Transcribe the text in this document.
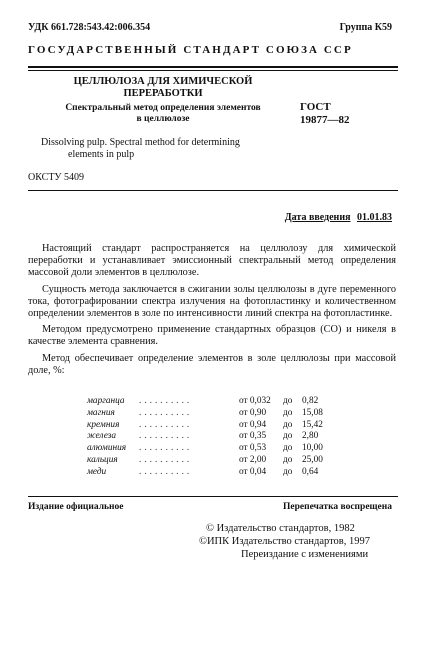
УДК 661.728:543.42:006.354	Группа К59
ГОСУДАРСТВЕННЫЙ СТАНДАРТ СОЮЗА ССР
ЦЕЛЛЮЛОЗА ДЛЯ ХИМИЧЕСКОЙ
ПЕРЕРАБОТКИ
Спектральный метод определения элементов
в целлюлозе
ГОСТ
19877—82
Dissolving pulp. Spectral method for determining
elements in pulp
ОКСТУ 5409
Дата введения 01.01.83

Настоящий стандарт распространяется на целлюлозу для химической переработки и устанавливает эмиссионный спектральный метод определения массовой доли элементов в целлюлозе.

Сущность метода заключается в сжигании золы целлюлозы в дуге переменного тока, фотографировании спектра излучения на фотопластинку и количественном определении элементов в золе по интенсивности линий спектра на фотопластинке.

Методом предусмотрено применение стандартных образцов (СО) и никеля в качестве элемента сравнения.

Метод обеспечивает определение элементов в золе целлюлозы при массовой доле, %:

марганца	..........	от 0,032	до	0,82
магния	..........	от 0,90	до	15,08
кремния	..........	от 0,94	до	15,42
железа	..........	от 0,35	до	2,80
алюминия	..........	от 0,53	до	10,00
кальция	..........	от 2,00	до	25,00
меди	..........	от 0,04	до	0,64
Издание официальное	Перепечатка воспрещена
© Издательство стандартов, 1982
©ИПК Издательство стандартов, 1997
Переиздание с изменениями
